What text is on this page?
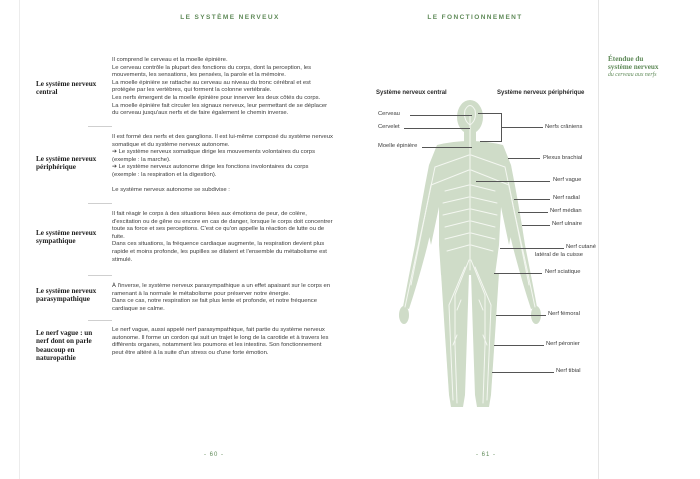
LE SYSTÈME NERVEUX
Le système nerveux central

Il comprend le cerveau et la moelle épinière.

Le cerveau contrôle la plupart des fonctions du corps, dont la perception, les mouvements, les sensations, les pensées, la parole et la mémoire.

La moelle épinière se rattache au cerveau au niveau du tronc cérébral et est protégée par les vertèbres, qui forment la colonne vertébrale.

Les nerfs émergent de la moelle épinière pour innerver les deux côtés du corps.

La moelle épinière fait circuler les signaux nerveux, leur permettant de se déplacer du cerveau jusqu'aux nerfs et de faire également le chemin inverse.

Le système nerveux périphérique

Il est formé des nerfs et des ganglions. Il est lui-même composé du système nerveux somatique et du système nerveux autonome.

➔ Le système nerveux somatique dirige les mouvements volontaires du corps (exemple : la marche).

➔ Le système nerveux autonome dirige les fonctions involontaires du corps (exemple : la respiration et la digestion).

Le système nerveux autonome se subdivise :

Le système nerveux sympathique

Il fait réagir le corps à des situations liées aux émotions de peur, de colère, d'excitation ou de gêne ou encore en cas de danger, lorsque le corps doit concentrer toute sa force et ses perceptions. C'est ce qu'on appelle la réaction de lutte ou de fuite.

Dans ces situations, la fréquence cardiaque augmente, la respiration devient plus rapide et moins profonde, les pupilles se dilatent et l'ensemble du métabolisme est stimulé.

Le système nerveux parasympathique

À l'inverse, le système nerveux parasympathique a un effet apaisant sur le corps en ramenant à la normale le métabolisme pour préserver notre énergie.

Dans ce cas, notre respiration se fait plus lente et profonde, et notre fréquence cardiaque se calme.

Le nerf vague : un nerf dont on parle beaucoup en naturopathie

Le nerf vague, aussi appelé nerf parasympathique, fait partie du système nerveux autonome. Il forme un cordon qui suit un trajet le long de la carotide et à travers les différents organes, notamment les poumons et les intestins. Son fonctionnement peut être altéré à la suite d'un stress ou d'une forte émotion.

- 60 -
LE FONCTIONNEMENT
Système nerveux central	Système nerveux périphérique
Cerveau
Cervelet
Moelle épinière
Nerfs crâniens
Plexus brachial
Nerf vague
Nerf radial
Nerf médian
Nerf ulnaire
Nerf cutané
latéral de la cuisse
Nerf sciatique
Nerf fémoral
Nerf péronier
Nerf tibial
- 61 -
Étendue du
système nerveux
du cerveau aux nerfs
